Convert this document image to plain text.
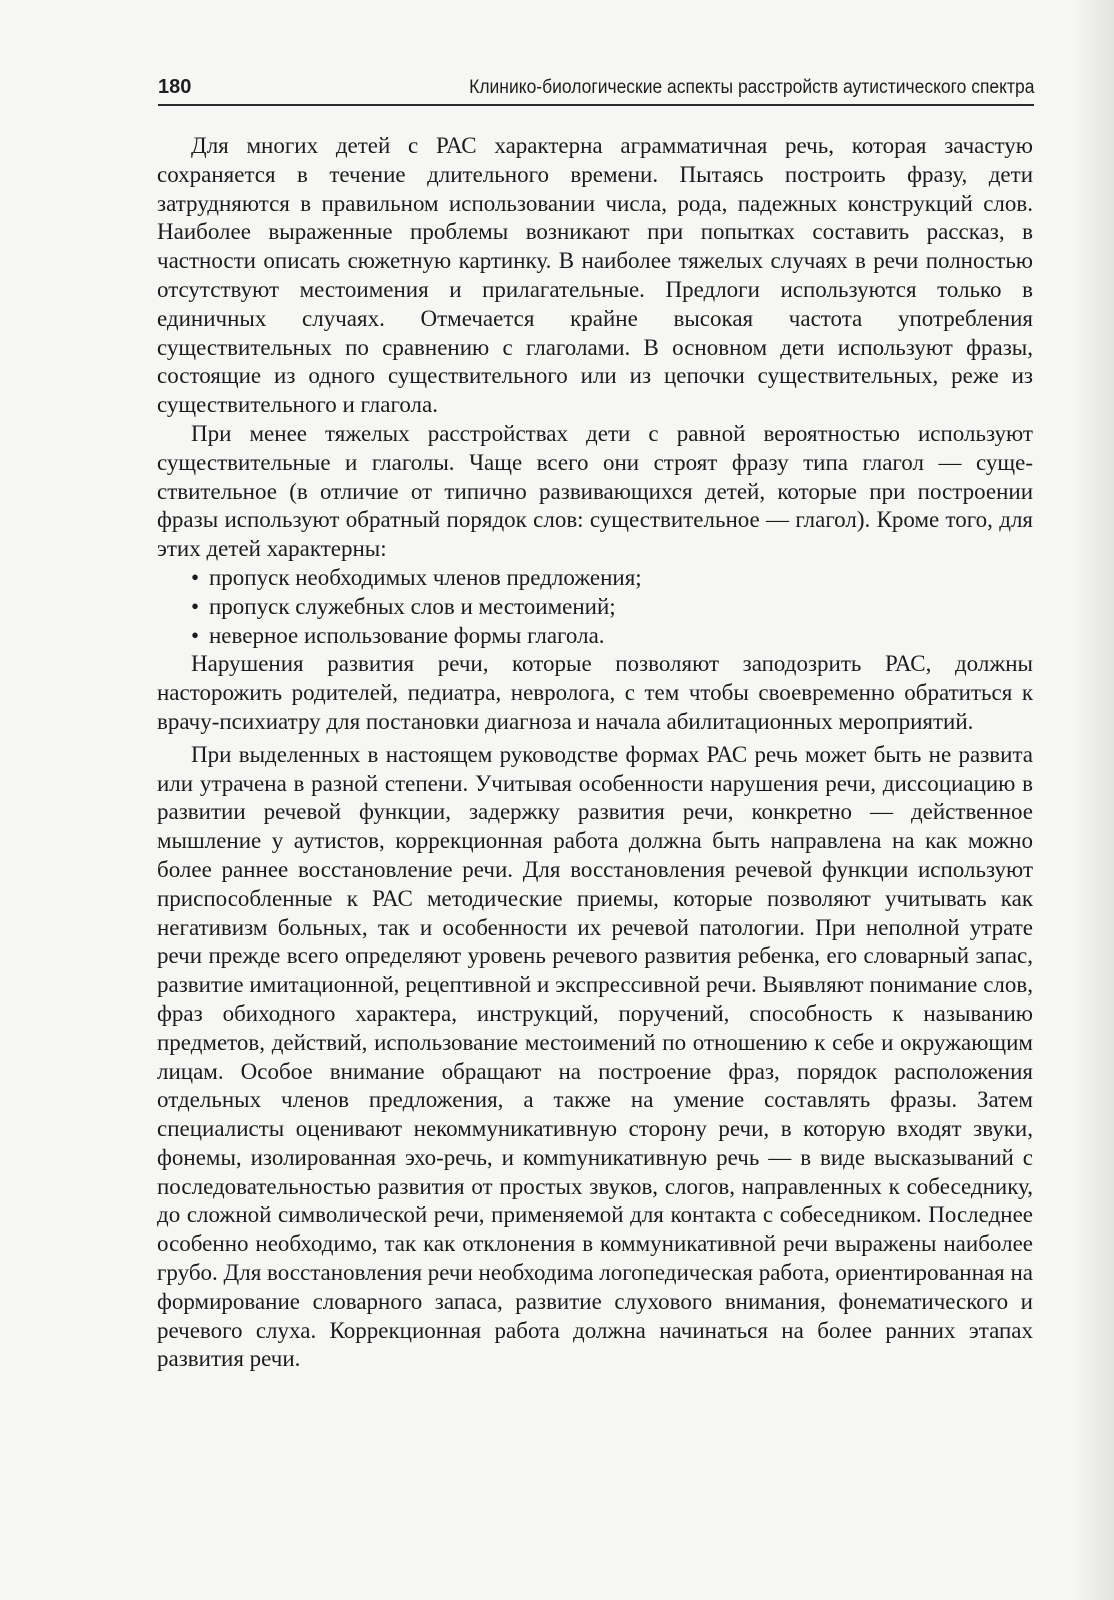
180	Клинико-биологические аспекты расстройств аутистического спектра

Для многих детей с РАС характерна аграмматичная речь, которая зачастую сохраняется в течение длительного времени. Пытаясь построить фразу, дети затрудняются в правильном использовании числа, рода, падежных конструкций слов. Наиболее выраженные проблемы возникают при попытках составить рассказ, в частности описать сюжетную картинку. В наиболее тяжелых случаях в речи полностью отсутствуют местоимения и прилагательные. Предлоги используются только в единичных случаях. Отмечается крайне высокая частота употребления существительных по сравнению с глаголами. В основном дети используют фразы, состоящие из одного существительного или из цепочки существительных, реже из существительного и глагола.

При менее тяжелых расстройствах дети с равной вероятностью используют существительные и глаголы. Чаще всего они строят фразу типа глагол — существительное (в отличие от типично развивающихся детей, которые при построении фразы используют обратный порядок слов: существительное — глагол). Кроме того, для этих детей характерны:

• пропуск необходимых членов предложения;
• пропуск служебных слов и местоимений;
• неверное использование формы глагола.

Нарушения развития речи, которые позволяют заподозрить РАС, должны насторожить родителей, педиатра, невролога, с тем чтобы своевременно обратиться к врачу-психиатру для постановки диагноза и начала абилитационных мероприятий.

При выделенных в настоящем руководстве формах РАС речь может быть не развита или утрачена в разной степени. Учитывая особенности нарушения речи, диссоциацию в развитии речевой функции, задержку развития речи, конкретно — действенное мышление у аутистов, коррекционная работа должна быть направлена на как можно более раннее восстановление речи. Для восстановления речевой функции используют приспособленные к РАС методические приемы, которые позволяют учитывать как негативизм больных, так и особенности их речевой патологии. При неполной утрате речи прежде всего определяют уровень речевого развития ребенка, его словарный запас, развитие имитационной, рецептивной и экспрессивной речи. Выявляют понимание слов, фраз обиходного характера, инструкций, поручений, способность к называнию предметов, действий, использование местоимений по отношению к себе и окружающим лицам. Особое внимание обращают на построение фраз, порядок расположения отдельных членов предложения, а также на умение составлять фразы. Затем специалисты оценивают некоммуникативную сторону речи, в которую входят звуки, фонемы, изолированная эхо-речь, и комmуникативную речь — в виде высказываний с последовательностью развития от простых звуков, слогов, направленных к собеседнику, до сложной символической речи, применяемой для контакта с собеседником. Последнее особенно необходимо, так как отклонения в коммуникативной речи выражены наиболее грубо. Для восстановления речи необходима логопедическая работа, ориентированная на формирование словарного запаса, развитие слухового внимания, фонематического и речевого слуха. Коррекционная работа должна начинаться на более ранних этапах развития речи.
